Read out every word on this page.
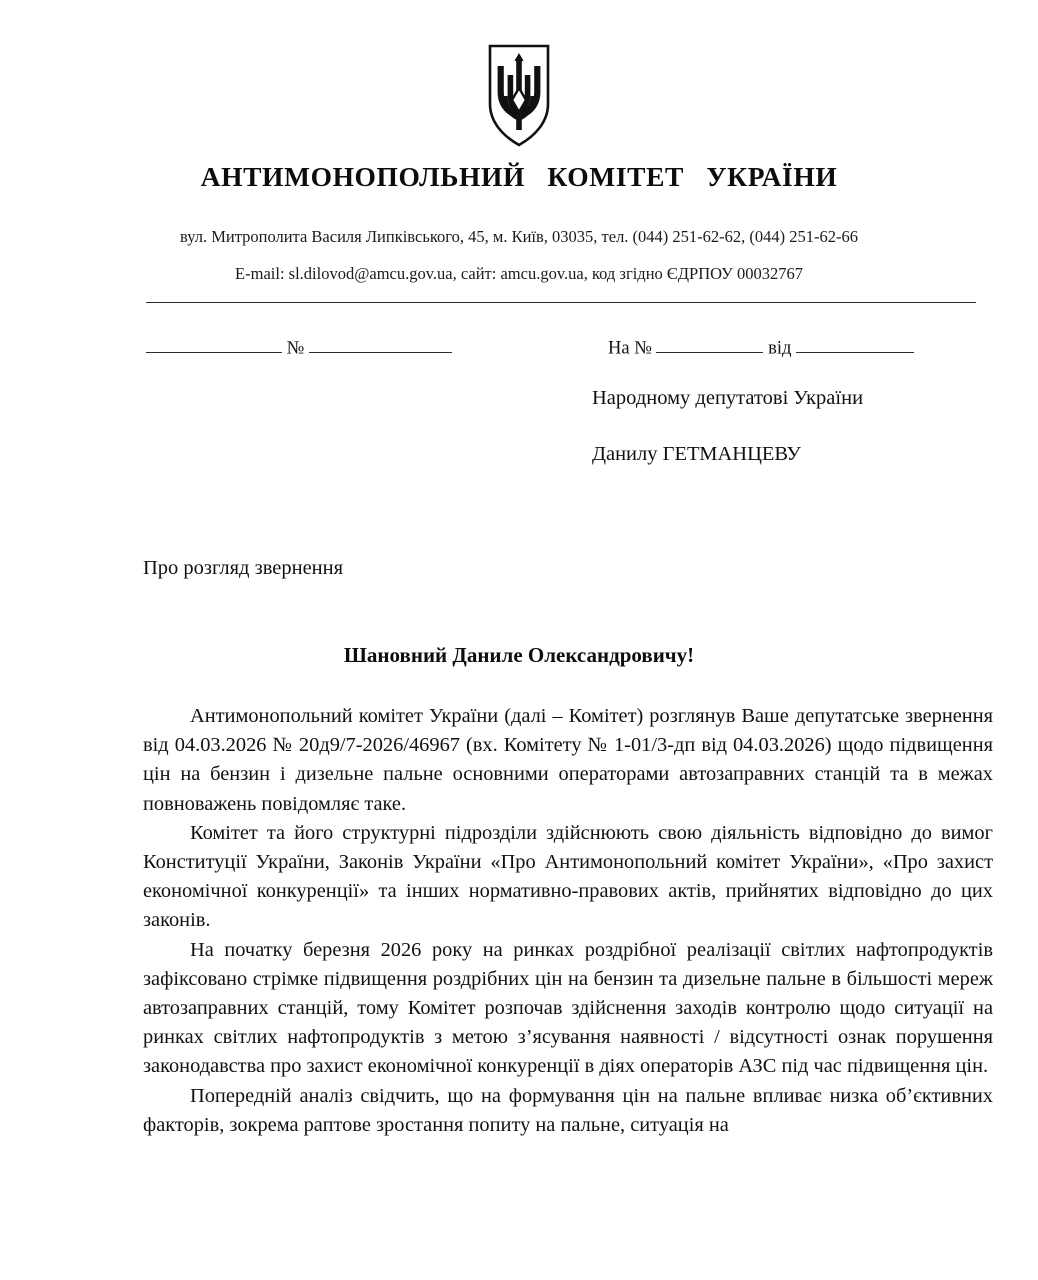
АНТИМОНОПОЛЬНИЙ   КОМІТЕТ   УКРАЇНИ
вул. Митрополита Василя Липківського, 45, м. Київ, 03035, тел. (044) 251-62-62, (044) 251-62-66
E-mail: sl.dilovod@amcu.gov.ua, сайт: amcu.gov.ua, код згідно ЄДРПОУ 00032767
№	На №	від
Народному депутатові України
Данилу ГЕТМАНЦЕВУ
Про розгляд звернення
Шановний Даниле Олександровичу!

Антимонопольний комітет України (далі – Комітет) розглянув Ваше депутатське звернення від 04.03.2026 № 20д9/7-2026/46967 (вх. Комітету № 1-01/3-дп від 04.03.2026) щодо підвищення цін на бензин і дизельне пальне основними операторами автозаправних станцій та в межах повноважень повідомляє таке.

Комітет та його структурні підрозділи здійснюють свою діяльність відповідно до вимог Конституції України, Законів України «Про Антимонопольний комітет України», «Про захист економічної конкуренції» та інших нормативно-правових актів, прийнятих відповідно до цих законів.

На початку березня 2026 року на ринках роздрібної реалізації світлих нафтопродуктів зафіксовано стрімке підвищення роздрібних цін на бензин та дизельне пальне в більшості мереж автозаправних станцій, тому Комітет розпочав здійснення заходів контролю щодо ситуації на ринках світлих нафтопродуктів з метою з’ясування наявності / відсутності ознак порушення законодавства про захист економічної конкуренції в діях операторів АЗС під час підвищення цін.

Попередній аналіз свідчить, що на формування цін на пальне впливає низка об’єктивних факторів, зокрема раптове зростання попиту на пальне, ситуація на
